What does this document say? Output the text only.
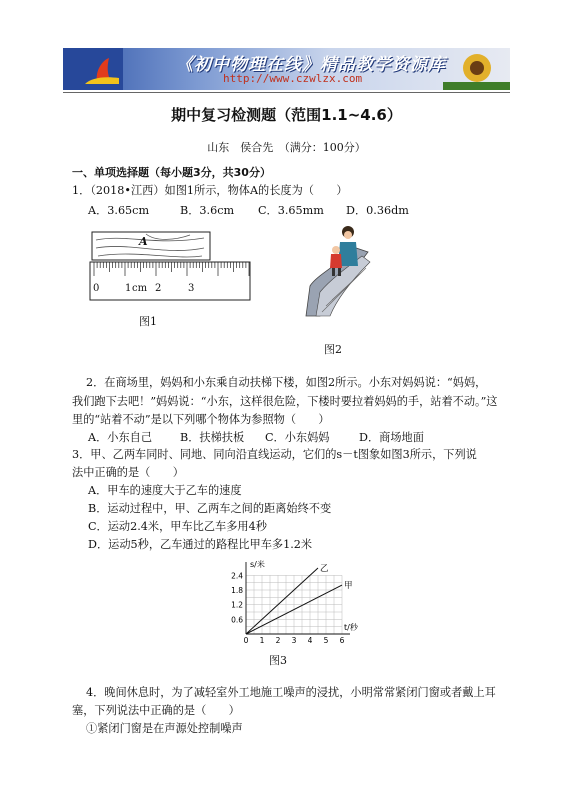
《初中物理在线》精品教学资源库
http://www.czwlzx.com
期中复习检测题（范围1.1~4.6）
山东　侯合先　（满分：100分）
一、单项选择题（每小题3分，共30分）
1．（2018•江西）如图1所示，物体A的长度为（　　）
A．3.65cm	B．3.6cm C．3.65mm D．0.36dm
A
0	1 cm 2	3
图1
图2
2．在商场里，妈妈和小东乘自动扶梯下楼，如图2所示。小东对妈妈说：“妈妈，
我们跑下去吧！”妈妈说：“小东，这样很危险，下楼时要拉着妈妈的手，站着不动。”这
里的“站着不动”是以下列哪个物体为参照物（　　）
A．小东自己 B．扶梯扶板 C．小东妈妈	D．商场地面
3．甲、乙两车同时、同地、同向沿直线运动，它们的s－t图象如图3所示，下列说
法中正确的是（　　）
A．甲车的速度大于乙车的速度
B．运动过程中，甲、乙两车之间的距离始终不变
C．运动2.4米，甲车比乙车多用4秒
D．运动5秒，乙车通过的路程比甲车多1.2米
0 1 2 3 4 5 6
0.6
1.2
1.8
2.4
s/米
t/秒
乙
甲
图3
4．晚间休息时，为了减轻室外工地施工噪声的浸扰，小明常常紧闭门窗或者戴上耳
塞，下列说法中正确的是（　　）
①紧闭门窗是在声源处控制噪声
